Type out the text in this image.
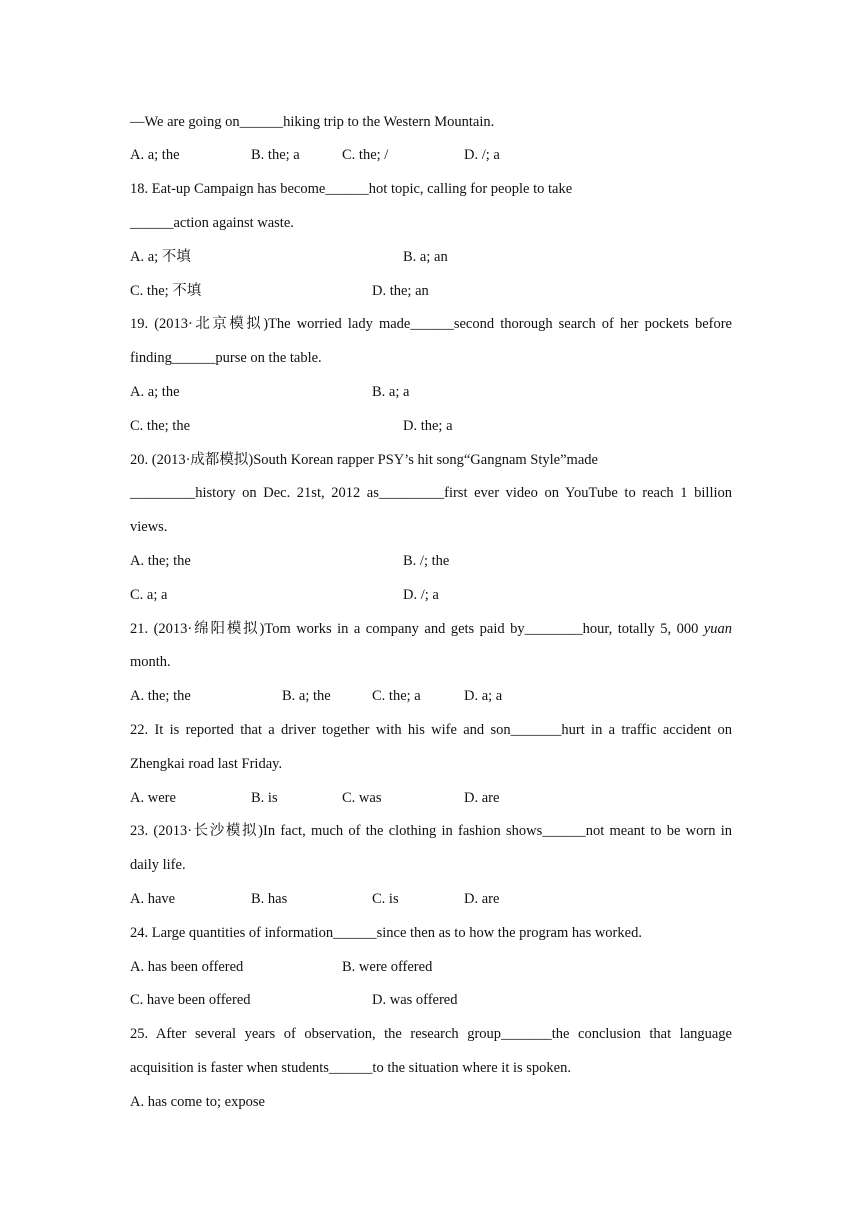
—We are going on______hiking trip to the Western Mountain.
A. a; the	B. the; a	C. the; /	D. /; a
18. Eat-up Campaign has become______hot topic, calling for people to take
______action against waste.
A. a; 不填	B. a; an
C. the; 不填	D. the; an
19. (2013·北京模拟)The worried lady made______second thorough search of her pockets before
finding______purse on the table.
A. a; the	B. a; a
C. the; the	D. the; a
20. (2013·成都模拟)South Korean rapper PSY’s hit song“Gangnam Style”made
_________history on Dec. 21st, 2012 as_________first ever video on YouTube to reach 1 billion
views.
A. the; the	B. /; the
C. a; a	D. /; a
21. (2013·绵阳模拟)Tom works in a company and gets paid by________hour, totally 5, 000 yuan
month.
A. the; the	B. a; the	C. the; a	D. a; a
22. It is reported that a driver together with his wife and son_______hurt in a traffic accident on
Zhengkai road last Friday.
A. were	B. is	C. was	D. are
23. (2013·长沙模拟)In fact, much of the clothing in fashion shows______not meant to be worn in
daily life.
A. have	B. has	C. is	D. are
24. Large quantities of information______since then as to how the program has worked.
A. has been offered	B. were offered
C. have been offered	D. was offered
25. After several years of observation, the research group_______the conclusion that language
acquisition is faster when students______to the situation where it is spoken.
A. has come to; expose
